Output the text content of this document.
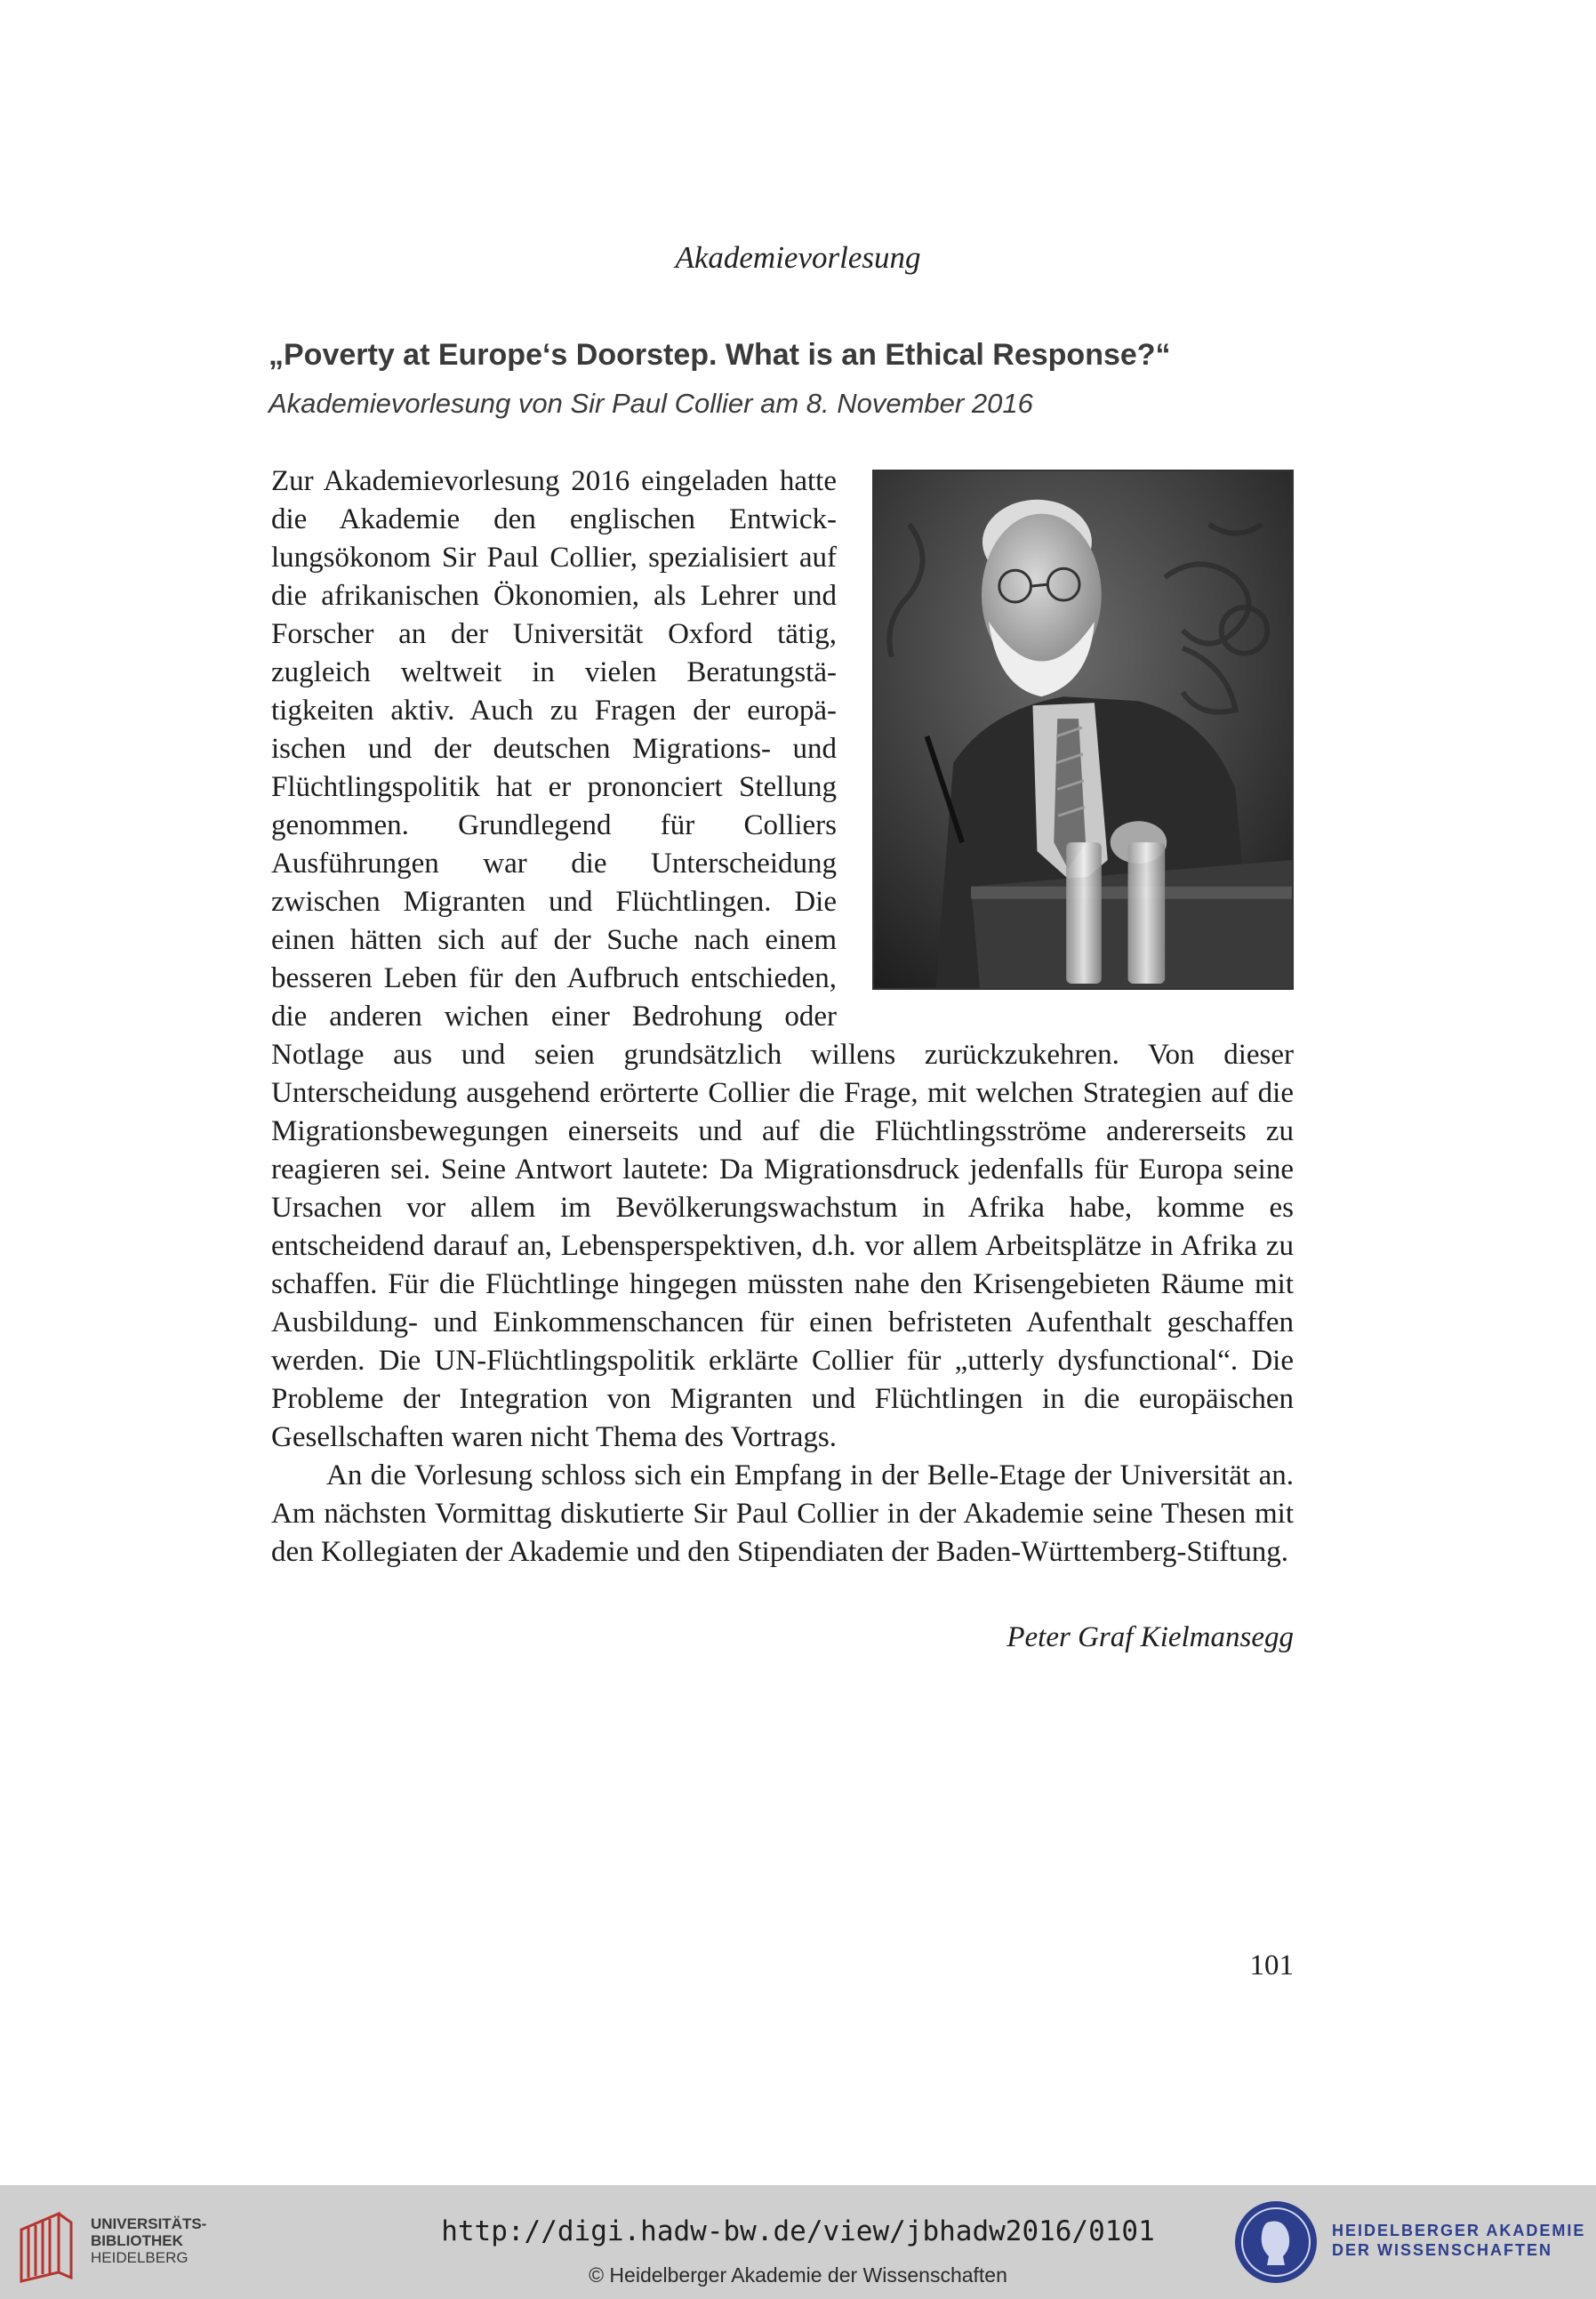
Akademievorlesung
„Poverty at Europe‘s Doorstep. What is an Ethical Response?“
Akademievorlesung von Sir Paul Collier am 8. November 2016

Zur Akademievorlesung 2016 eingeladen hatte die Akademie den englischen Entwicklungsökonom Sir Paul Collier, spezialisiert auf die afrikanischen Ökonomien, als Lehrer und Forscher an der Universität Oxford tätig, zugleich weltweit in vielen Beratungstätigkeiten aktiv. Auch zu Fragen der europäischen und der deutschen Migrations- und Flüchtlingspolitik hat er prononciert Stellung genommen. Grundlegend für Colliers Ausführungen war die Unterscheidung zwischen Migranten und Flüchtlingen. Die einen hätten sich auf der Suche nach einem besseren Leben für den Aufbruch entschieden, die anderen wichen einer Bedrohung oder Notlage aus und seien grundsätzlich willens zurückzukehren. Von dieser Unterscheidung ausgehend erörterte Collier die Frage, mit welchen Strategien auf die Migrationsbewegungen einerseits und auf die Flüchtlingsströme andererseits zu reagieren sei. Seine Antwort lautete: Da Migrationsdruck jedenfalls für Europa seine Ursachen vor allem im Bevölkerungswachstum in Afrika habe, komme es entscheidend darauf an, Lebensperspektiven, d.h. vor allem Arbeitsplätze in Afrika zu schaffen. Für die Flüchtlinge hingegen müssten nahe den Krisengebieten Räume mit Ausbildung- und Einkommenschancen für einen befristeten Aufenthalt geschaffen werden. Die UN-Flüchtlingspolitik erklärte Collier für „utterly dysfunctional“. Die Probleme der Integration von Migranten und Flüchtlingen in die europäischen Gesellschaften waren nicht Thema des Vortrags.

An die Vorlesung schloss sich ein Empfang in der Belle-Etage der Universität an. Am nächsten Vormittag diskutierte Sir Paul Collier in der Akademie seine Thesen mit den Kollegiaten der Akademie und den Stipendiaten der Baden-Württemberg-Stiftung.

Peter Graf Kielmansegg
101
UNIVERSITÄTS-
BIBLIOTHEK
HEIDELBERG
http://digi.hadw-bw.de/view/jbhadw2016/0101
© Heidelberger Akademie der Wissenschaften
HEIDELBERGER AKADEMIE
DER WISSENSCHAFTEN
